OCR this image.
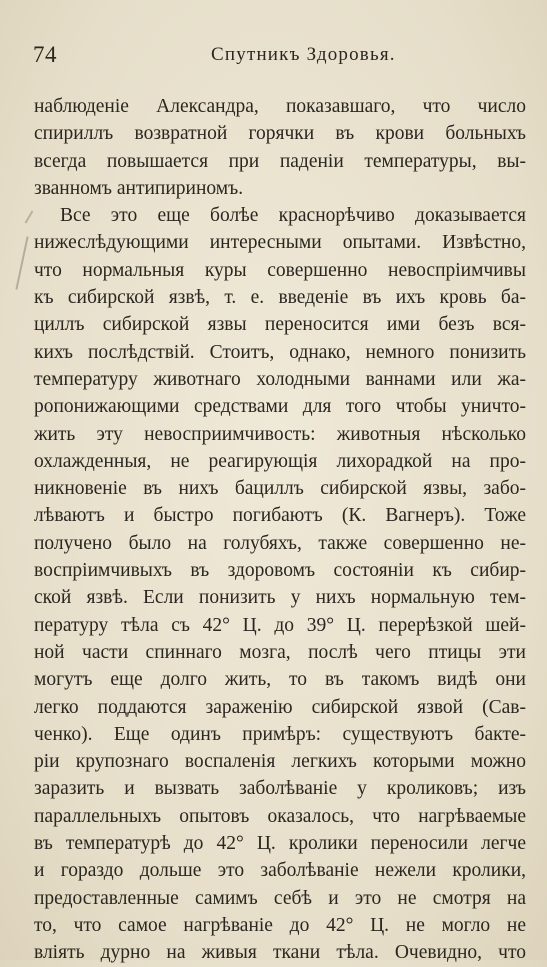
74	Спутникъ Здоровья.
наблюденіе Александра, показавшаго, что число
спириллъ возвратной горячки въ крови больныхъ
всегда повышается при паденіи температуры, вы-
званномъ антипириномъ.
Все это еще болѣе краснорѣчиво доказывается
нижеслѣдующими интересными опытами. Извѣстно,
что нормальныя куры совершенно невоспріимчивы
къ сибирской язвѣ, т. е. введеніе въ ихъ кровь ба-
циллъ сибирской язвы переносится ими безъ вся-
кихъ послѣдствій. Стоитъ, однако, немного понизить
температуру животнаго холодными ваннами или жа-
ропонижающими средствами для того чтобы уничто-
жить эту невосприимчивость: животныя нѣсколько
охлажденныя, не реагирующія лихорадкой на про-
никновеніе въ нихъ бациллъ сибирской язвы, забо-
лѣваютъ и быстро погибаютъ (К. Вагнеръ). Тоже
получено было на голубяхъ, также совершенно не-
воспріимчивыхъ въ здоровомъ состояніи къ сибир-
ской язвѣ. Если понизить у нихъ нормальную тем-
пературу тѣла съ 42° Ц. до 39° Ц. перерѣзкой шей-
ной части спиннаго мозга, послѣ чего птицы эти
могутъ еще долго жить, то въ такомъ видѣ они
легко поддаются зараженію сибирской язвой (Сав-
ченко). Еще одинъ примѣръ: существуютъ бакте-
ріи крупознаго воспаленія легкихъ которыми можно
заразить и вызвать заболѣваніе у кроликовъ; изъ
параллельныхъ опытовъ оказалось, что нагрѣваемые
въ температурѣ до 42° Ц. кролики переносили легче
и гораздо дольше это заболѣваніе нежели кролики,
предоставленные самимъ себѣ и это не смотря на
то, что самое нагрѣваніе до 42° Ц. не могло не
вліять дурно на живыя ткани тѣла. Очевидно, что
